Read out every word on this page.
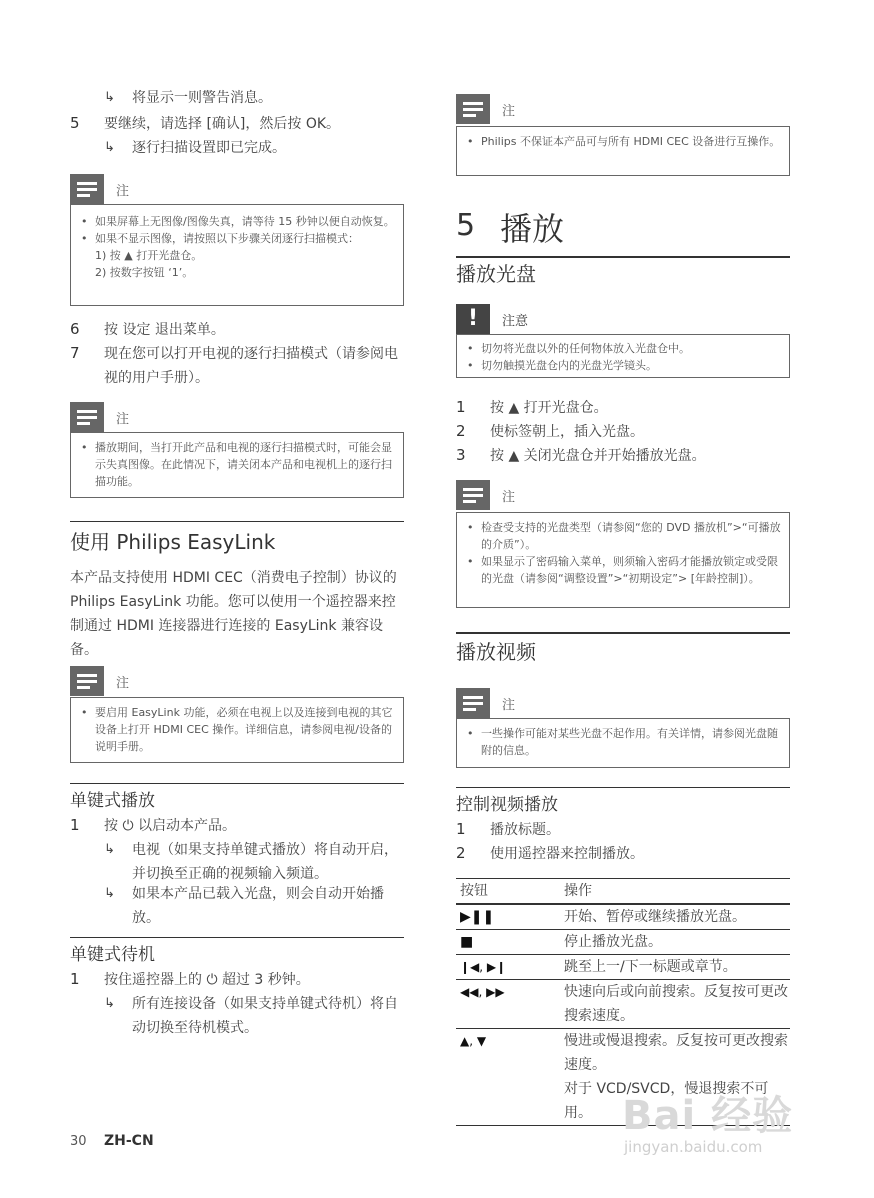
↳ 将显示一则警告消息。
5 要继续，请选择 [确认]，然后按 OK。
↳ 逐行扫描设置即已完成。
注
• 如果屏幕上无图像/图像失真，请等待 15 秒钟以便自动恢复。
• 如果不显示图像，请按照以下步骤关闭逐行扫描模式：
1) 按 ▲ 打开光盘仓。
2) 按数字按钮 ‘1’。
6 按 设定 退出菜单。
7 现在您可以打开电视的逐行扫描模式（请参阅电视的用户手册）。
注
• 播放期间，当打开此产品和电视的逐行扫描模式时，可能会显示失真图像。在此情况下，请关闭本产品和电视机上的逐行扫描功能。
使用 Philips EasyLink
本产品支持使用 HDMI CEC（消费电子控制）协议的 Philips EasyLink 功能。您可以使用一个遥控器来控制通过 HDMI 连接器进行连接的 EasyLink 兼容设备。
注
• 要启用 EasyLink 功能，必须在电视上以及连接到电视的其它设备上打开 HDMI CEC 操作。详细信息，请参阅电视/设备的说明手册。
单键式播放
1 按 ⏻ 以启动本产品。
↳ 电视（如果支持单键式播放）将自动开启，并切换至正确的视频输入频道。
↳ 如果本产品已载入光盘，则会自动开始播放。
单键式待机
1 按住遥控器上的 ⏻ 超过 3 秒钟。
↳ 所有连接设备（如果支持单键式待机）将自动切换至待机模式。
注
• Philips 不保证本产品可与所有 HDMI CEC 设备进行互操作。
5 播放
播放光盘
!	注意
• 切勿将光盘以外的任何物体放入光盘仓中。
• 切勿触摸光盘仓内的光盘光学镜头。
1 按 ▲ 打开光盘仓。
2 使标签朝上，插入光盘。
3 按 ▲ 关闭光盘仓并开始播放光盘。
注
• 检查受支持的光盘类型（请参阅“您的 DVD 播放机”>“可播放的介质”）。
• 如果显示了密码输入菜单，则须输入密码才能播放锁定或受限的光盘（请参阅“调整设置”>“初期设定”> [年龄控制]）。
播放视频
注
• 一些操作可能对某些光盘不起作用。有关详情，请参阅光盘随附的信息。
控制视频播放
1 播放标题。
2 使用遥控器来控制播放。
按钮	操作
▶❚❚	开始、暂停或继续播放光盘。
■	停止播放光盘。
❙◀, ▶❙	跳至上一/下一标题或章节。
◀◀, ▶▶	快速向后或向前搜索。反复按可更改搜索速度。
▲, ▼	慢进或慢退搜索。反复按可更改搜索速度。
对于 VCD/SVCD，慢退搜索不可用。
30 ZH-CN
Bai 经验
jingyan.baidu.com
